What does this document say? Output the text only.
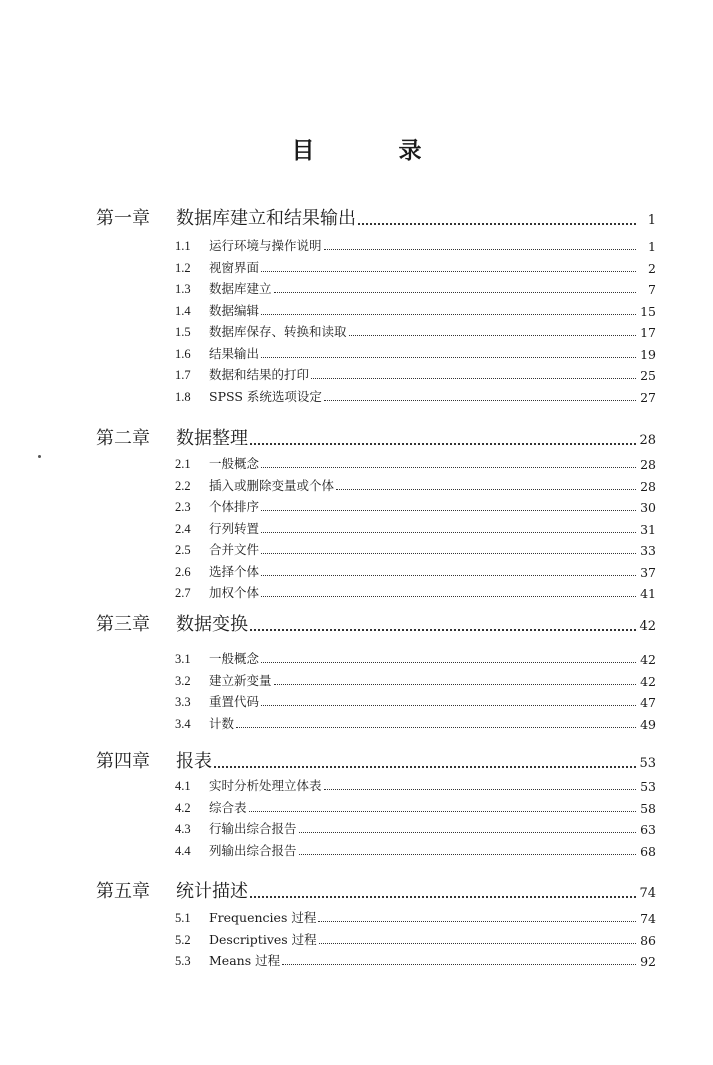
目 录
第一章	数据库建立和结果输出	1
1.1	运行环境与操作说明	1
1.2	视窗界面	2
1.3	数据库建立	7
1.4	数据编辑	15
1.5	数据库保存、转换和读取	17
1.6	结果输出	19
1.7	数据和结果的打印	25
1.8	SPSS 系统选项设定	27
第二章	数据整理	28
2.1	一般概念	28
2.2	插入或删除变量或个体	28
2.3	个体排序	30
2.4	行列转置	31
2.5	合并文件	33
2.6	选择个体	37
2.7	加权个体	41
第三章	数据变换	42
3.1	一般概念	42
3.2	建立新变量	42
3.3	重置代码	47
3.4	计数	49
第四章	报表	53
4.1	实时分析处理立体表	53
4.2	综合表	58
4.3	行输出综合报告	63
4.4	列输出综合报告	68
第五章	统计描述	74
5.1	Frequencies 过程	74
5.2	Descriptives 过程	86
5.3	Means 过程	92
